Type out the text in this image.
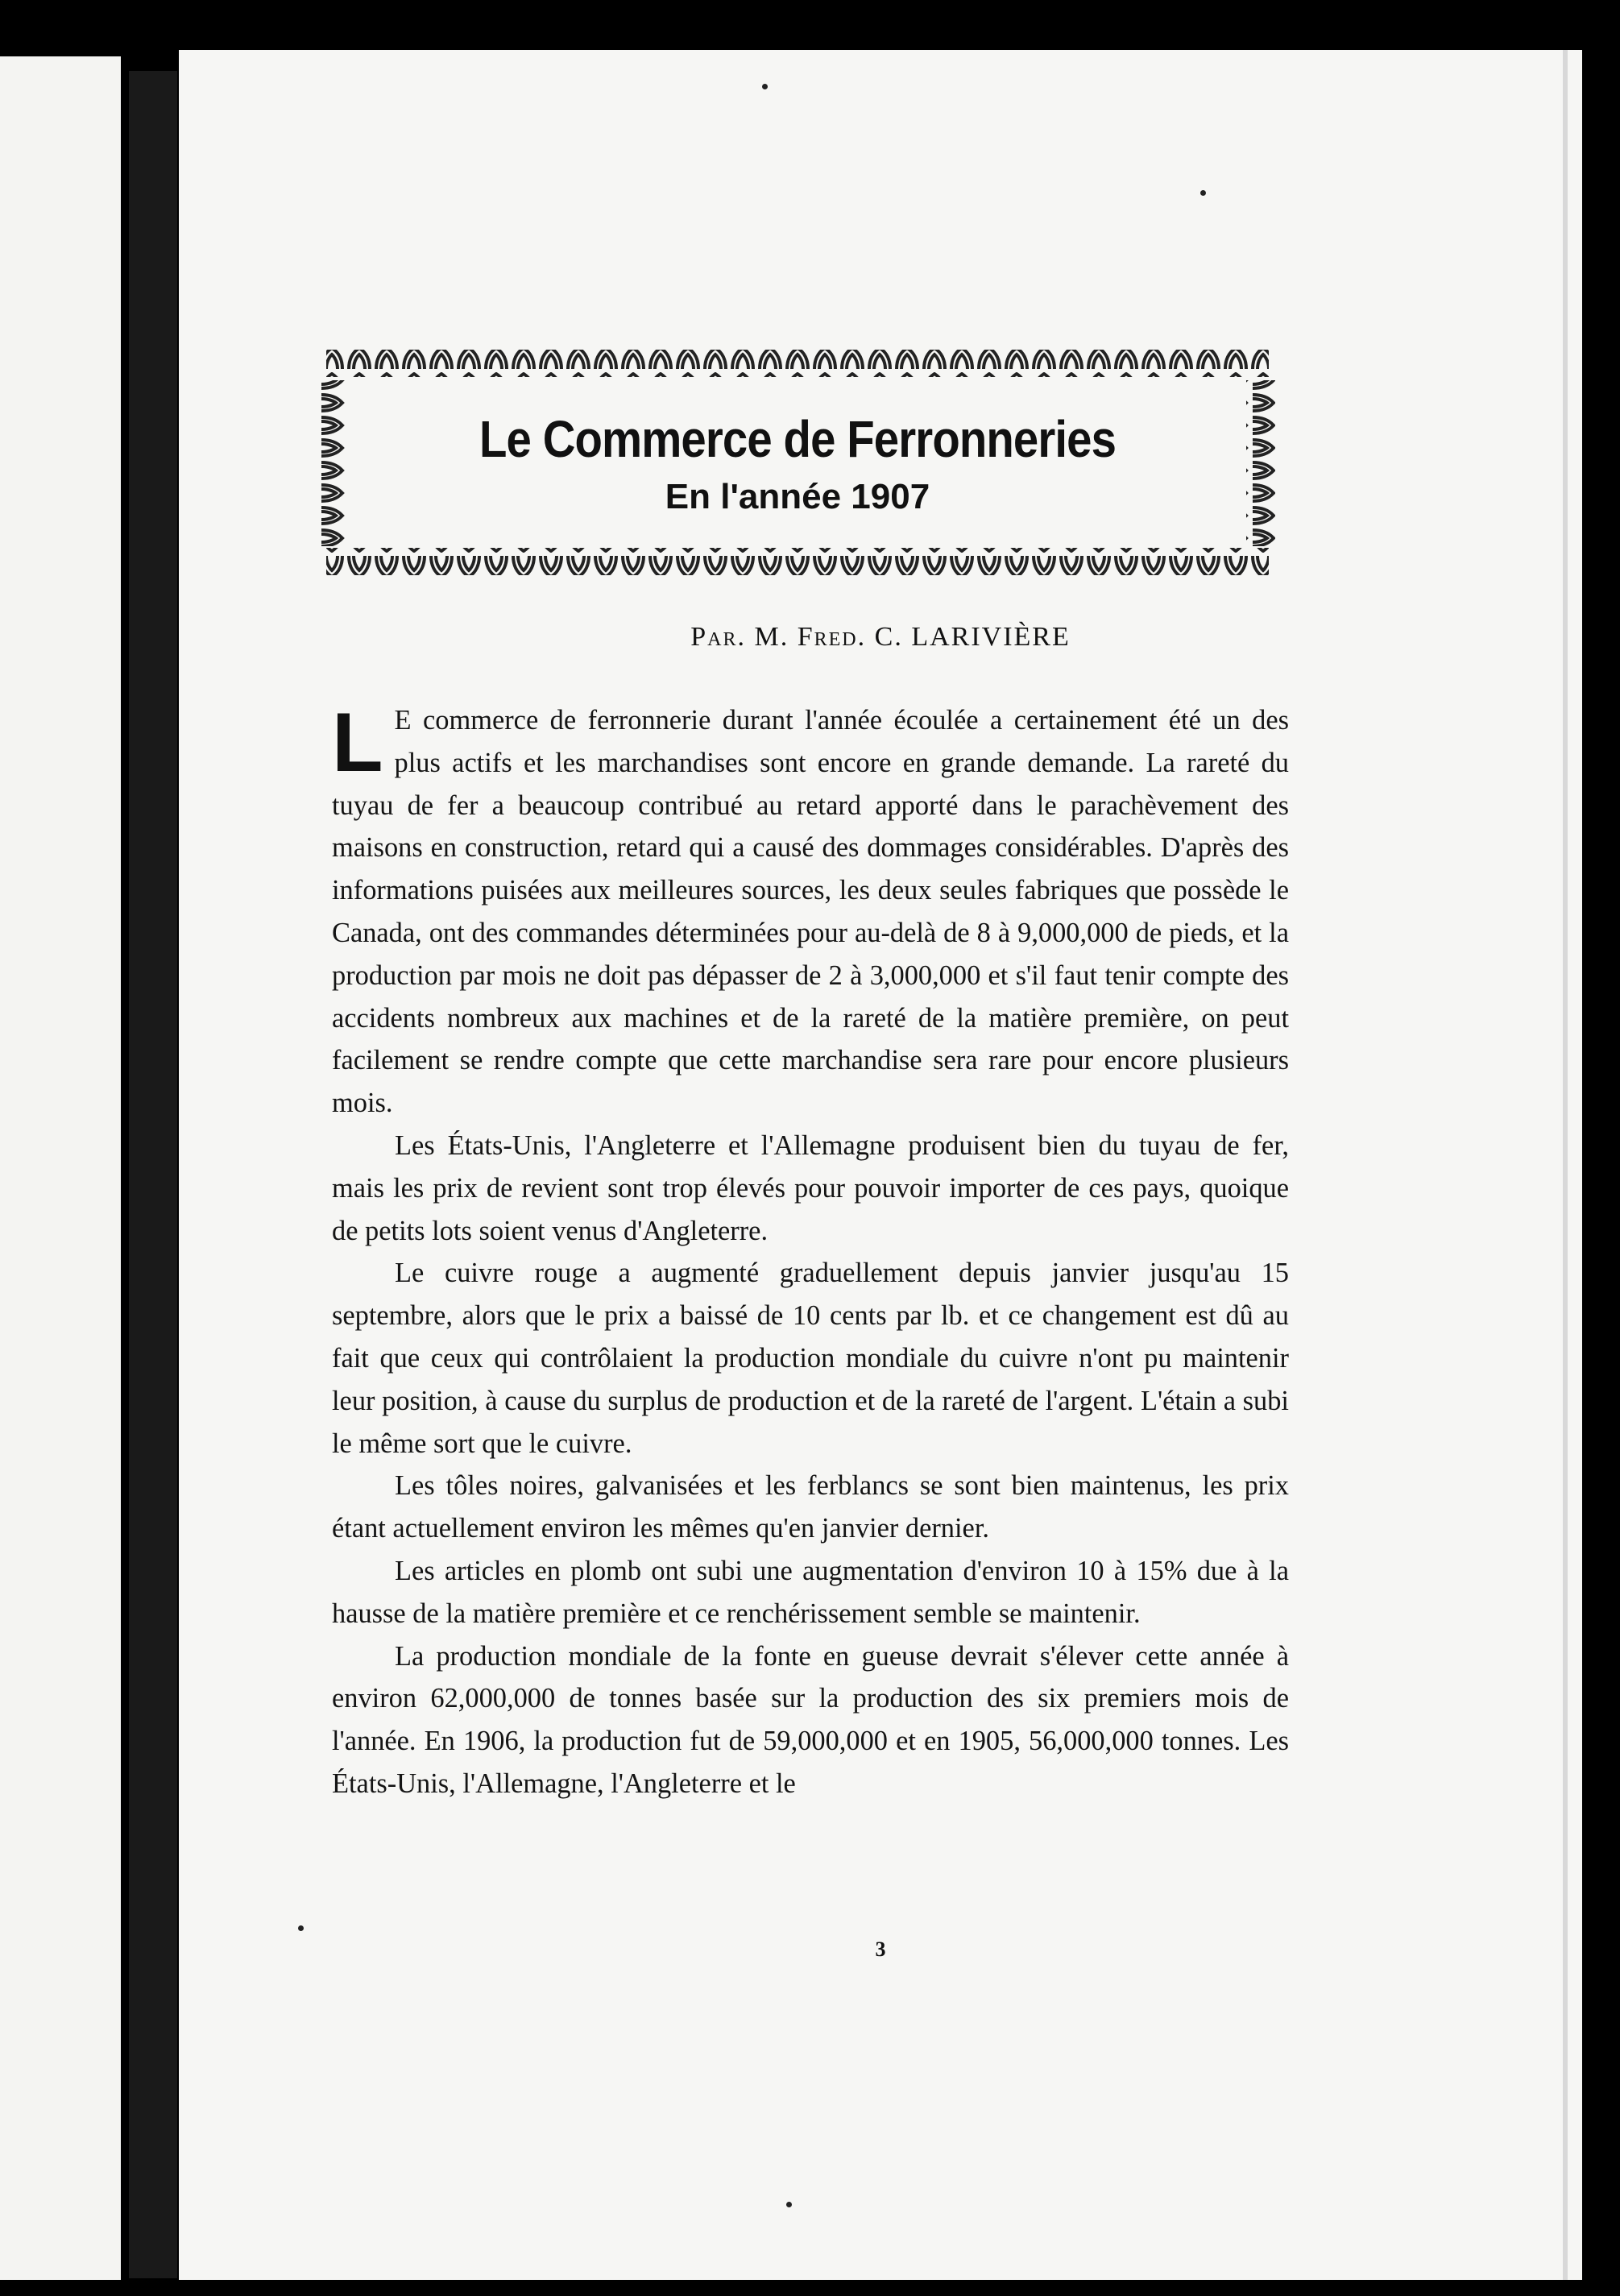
Le Commerce de Ferronneries
En l'année 1907
Par. M. Fred. C. LARIVIÈRE

L E commerce de ferronnerie durant l'année écoulée a certainement été un des plus actifs et les marchandises sont encore en grande demande. La rareté du tuyau de fer a beaucoup contribué au retard apporté dans le parachèvement des maisons en construction, retard qui a causé des dommages considérables. D'après des informations puisées aux meilleures sources, les deux seules fabriques que possède le Canada, ont des commandes déterminées pour au-delà de 8 à 9,000,000 de pieds, et la production par mois ne doit pas dépasser de 2 à 3,000,000 et s'il faut tenir compte des accidents nombreux aux machines et de la rareté de la matière première, on peut facilement se rendre compte que cette marchandise sera rare pour encore plusieurs mois.

Les États-Unis, l'Angleterre et l'Allemagne produisent bien du tuyau de fer, mais les prix de revient sont trop élevés pour pouvoir importer de ces pays, quoique de petits lots soient venus d'Angleterre.

Le cuivre rouge a augmenté graduellement depuis janvier jusqu'au 15 septembre, alors que le prix a baissé de 10 cents par lb. et ce changement est dû au fait que ceux qui contrôlaient la production mondiale du cuivre n'ont pu maintenir leur position, à cause du surplus de production et de la rareté de l'argent. L'étain a subi le même sort que le cuivre.

Les tôles noires, galvanisées et les ferblancs se sont bien maintenus, les prix étant actuellement environ les mêmes qu'en janvier dernier.

Les articles en plomb ont subi une augmentation d'environ 10 à 15% due à la hausse de la matière première et ce renchérissement semble se maintenir.

La production mondiale de la fonte en gueuse devrait s'élever cette année à environ 62,000,000 de tonnes basée sur la production des six premiers mois de l'année. En 1906, la production fut de 59,000,000 et en 1905, 56,000,000 tonnes. Les États-Unis, l'Allemagne, l'Angleterre et le

3
